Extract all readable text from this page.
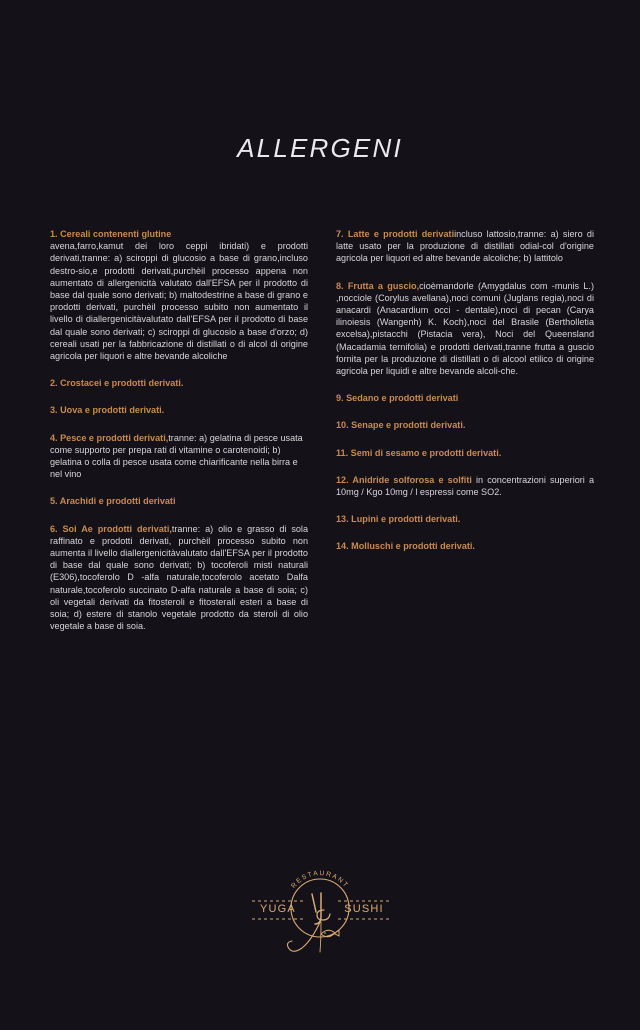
ALLERGENI

1. Cereali contenenti glutine
avena,farro,kamut dei loro ceppi ibridati) e prodotti derivati,tranne: a) sciroppi di glucosio a base di grano,incluso destro-sio,e prodotti derivati,purchèil processo appena non aumentato di allergenicità valutato dall'EFSA per il prodotto di base dal quale sono derivati; b) maltodestrine a base di grano e prodotti derivati, purchèil processo subito non aumentato il livello di diallergenicitàvalutato dall'EFSA per il prodotto di base dal quale sono derivati; c) sciroppi di glucosio a base d'orzo; d) cereali usati per la fabbricazione di distillati o di alcol di origine agricola per liquori e altre bevande alcoliche

2. Crostacei e prodotti derivati.

3. Uova e prodotti derivati.

4. Pesce e prodotti derivati,tranne: a) gelatina di pesce usata come supporto per prepa rati di vitamine o carotenoidi; b) gelatina o colla di pesce usata come chiarificante nella birra e nel vino

5. Arachidi e prodotti derivati

6. Soi Ae prodotti derivati,tranne: a) olio e grasso di sola raffinato e prodotti derivati, purchèil processo subito non aumenta il livello diallergenicitàvalutato dall'EFSA per il prodotto di base dal quale sono derivati; b) tocoferoli misti naturali (E306),tocoferolo D -alfa naturale,tocoferolo acetato Dalfa naturale,tocoferolo succinato D-alfa naturale a base di soia; c) oli vegetali derivati da fitosteroli e fitosterali esteri a base di soia; d) estere di stanolo vegetale prodotto da steroli di olio vegetale a base di soia.

7. Latte e prodotti derivatiincluso lattosio,tranne: a) siero di latte usato per la produzione di distillati odial-col d'origine agricola per liquori ed altre bevande alcoliche; b) lattitolo

8. Frutta a guscio,cioèmandorle (Amygdalus com -munis L.) ,nocciole (Corylus avellana),noci comuni (Juglans regia),noci di anacardi (Anacardium occi - dentale),noci di pecan (Carya ilinoiesis (Wangenh) K. Koch),noci del Brasile (Bertholletia excelsa),pistacchi (Pistacia vera), Noci del Queensland (Macadamia ternifolia) e prodotti derivati,tranne frutta a guscio fornita per la produzione di distillati o di alcool etilico di origine agricola per liquidi e altre bevande alcoli-che.

9. Sedano e prodotti derivati

10. Senape e prodotti derivati.

11. Semi di sesamo e prodotti derivati.

12. Anidride solforosa e solfiti in concentrazioni superiori a 10mg / Kgo 10mg / l espressi come SO2.

13. Lupini e prodotti derivati.

14. Molluschi e prodotti derivati.

RESTAURANT
YUGA	SUSHI
